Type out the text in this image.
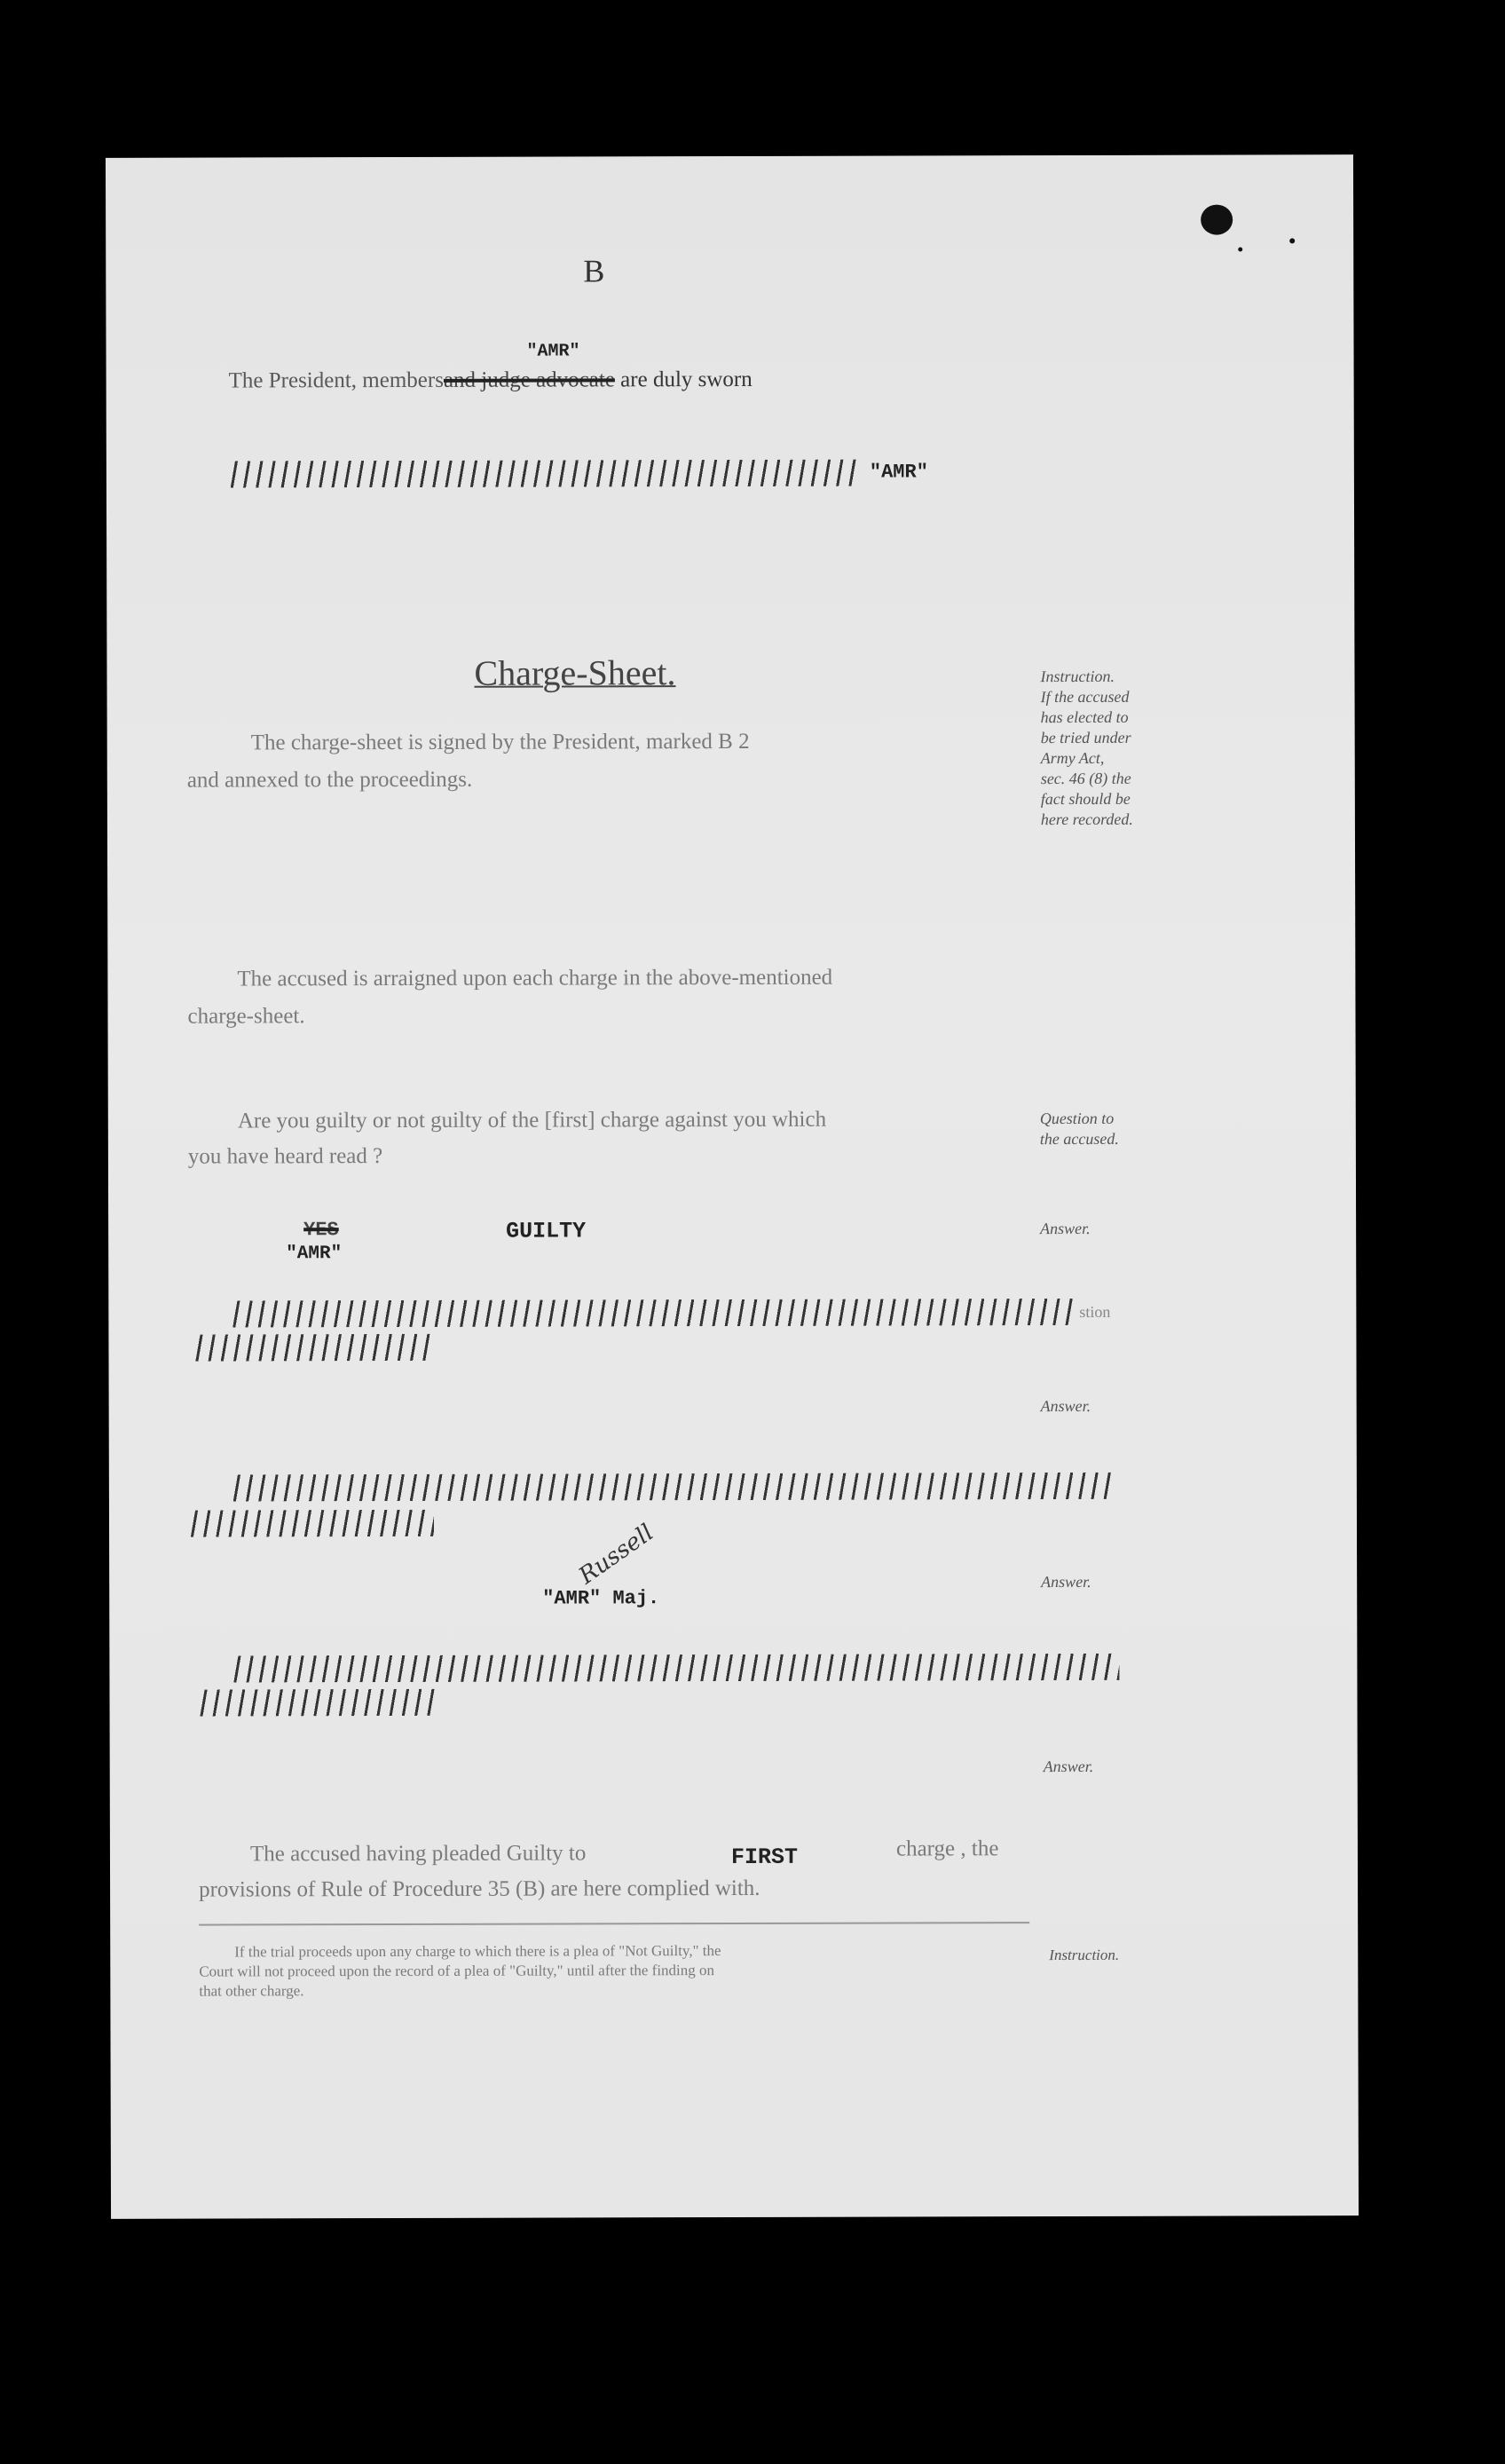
B
"AMR"
The President, membersand judge advocate are duly sworn
"AMR"
Charge-Sheet.
The charge-sheet is signed by the President, marked B 2
and annexed to the proceedings.
Instruction.
If the accused
has elected to
be tried under
Army Act,
sec. 46 (8) the
fact should be
here recorded.
The accused is arraigned upon each charge in the above-mentioned
charge-sheet.
Are you guilty or not guilty of the [first] charge against you which
you have heard read ?
Question to
the accused.
YES
"AMR"
GUILTY	Answer.
stion
Answer.
Answer.
Russell
"AMR" Maj.
Answer.
The accused having pleaded Guilty to	FIRST	charge , the
provisions of Rule of Procedure 35 (B) are here complied with.
If the trial proceeds upon any charge to which there is a plea of "Not Guilty," the
Court will not proceed upon the record of a plea of "Guilty," until after the finding on
that other charge.
Instruction.
